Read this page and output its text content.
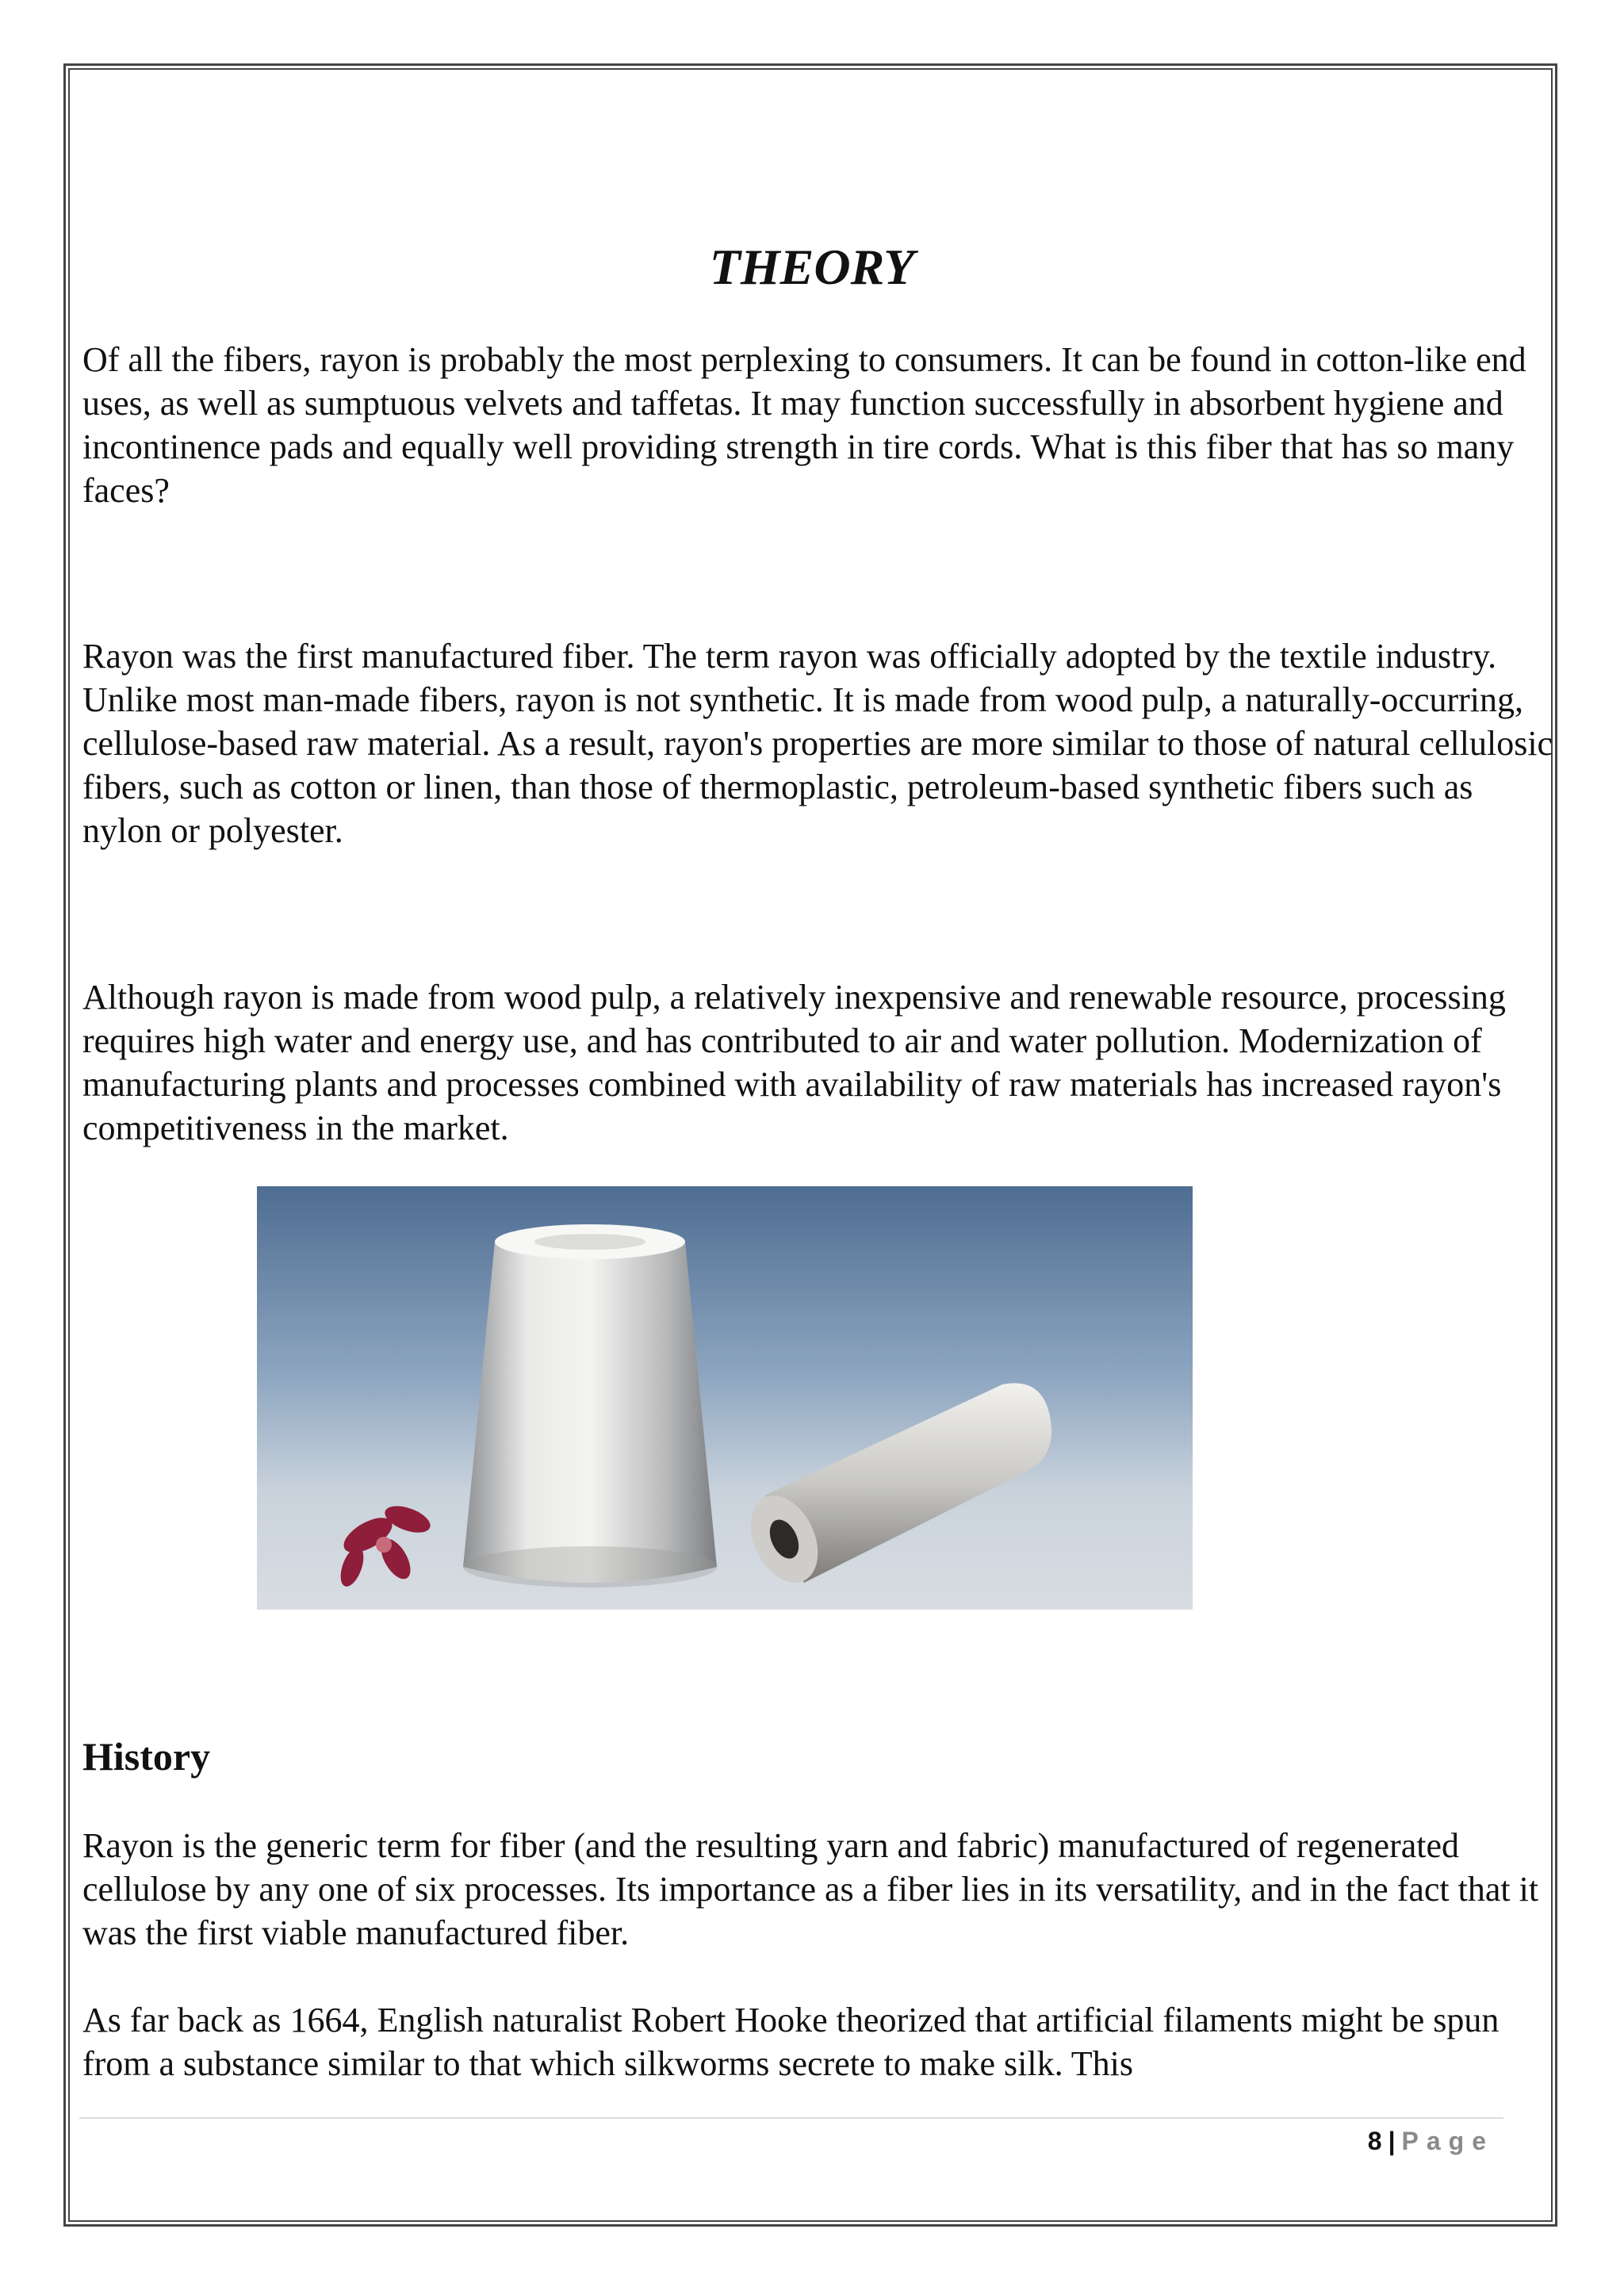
THEORY

Of all the fibers, rayon is probably the most perplexing to consumers. It can be found in cotton-like end uses, as well as sumptuous velvets and taffetas. It may function successfully in absorbent hygiene and incontinence pads and equally well providing strength in tire cords. What is this fiber that has so many faces?

Rayon was the first manufactured fiber. The term rayon was officially adopted by the textile industry. Unlike most man-made fibers, rayon is not synthetic. It is made from wood pulp, a naturally-occurring, cellulose-based raw material. As a result, rayon's properties are more similar to those of natural cellulosic fibers, such as cotton or linen, than those of thermoplastic, petroleum-based synthetic fibers such as nylon or polyester.

Although rayon is made from wood pulp, a relatively inexpensive and renewable resource, processing requires high water and energy use, and has contributed to air and water pollution. Modernization of manufacturing plants and processes combined with availability of raw materials has increased rayon's competitiveness in the market.

History

Rayon is the generic term for fiber (and the resulting yarn and fabric) manufactured of regenerated cellulose by any one of six processes. Its importance as a fiber lies in its versatility, and in the fact that it was the first viable manufactured fiber.

As far back as 1664, English naturalist Robert Hooke theorized that artificial filaments might be spun from a substance similar to that which silkworms secrete to make silk. This

8 | Page
